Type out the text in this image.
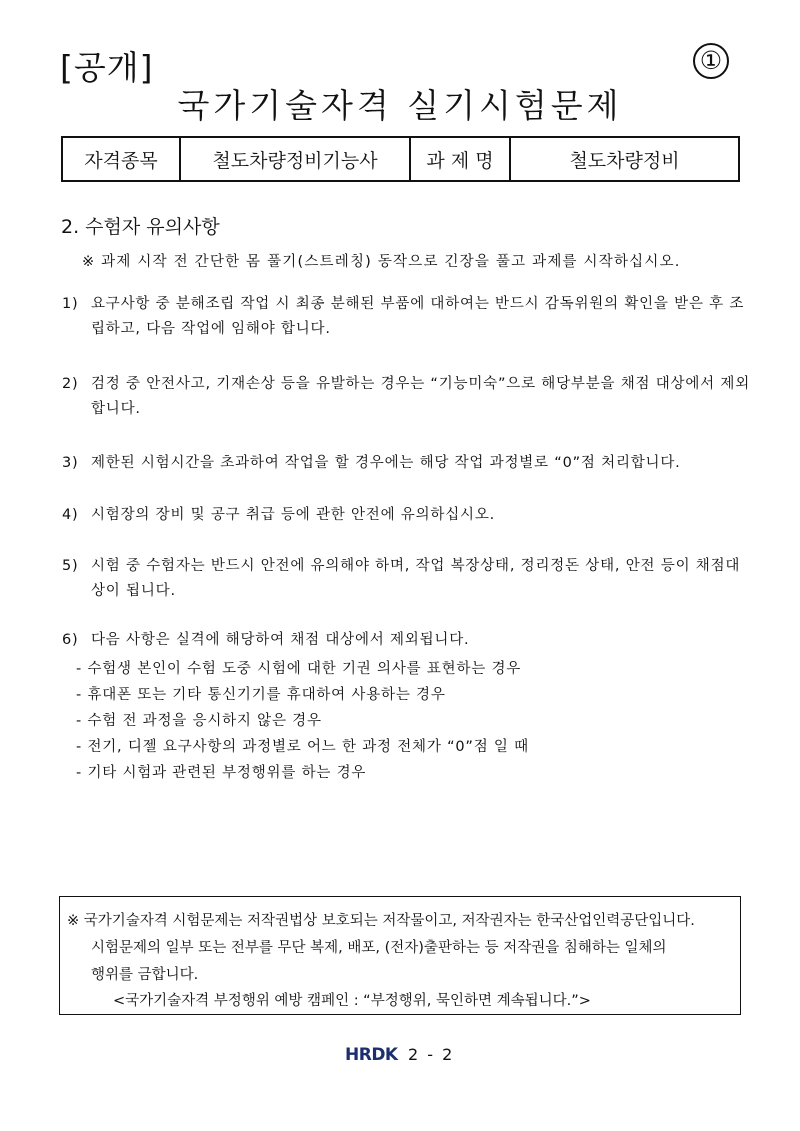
[공개]	①
국가기술자격 실기시험문제
자격종목	철도차량정비기능사	과 제 명	철도차량정비
2. 수험자 유의사항
※ 과제 시작 전 간단한 몸 풀기(스트레칭) 동작으로 긴장을 풀고 과제를 시작하십시오.
1) 요구사항 중 분해조립 작업 시 최종 분해된 부품에 대하여는 반드시 감독위원의 확인을 받은 후 조립하고, 다음 작업에 임해야 합니다.
2) 검정 중 안전사고, 기재손상 등을 유발하는 경우는 “기능미숙”으로 해당부분을 채점 대상에서 제외합니다.
3) 제한된 시험시간을 초과하여 작업을 할 경우에는 해당 작업 과정별로 “0”점 처리합니다.
4) 시험장의 장비 및 공구 취급 등에 관한 안전에 유의하십시오.
5) 시험 중 수험자는 반드시 안전에 유의해야 하며, 작업 복장상태, 정리정돈 상태, 안전 등이 채점대상이 됩니다.
6) 다음 사항은 실격에 해당하여 채점 대상에서 제외됩니다.
- 수험생 본인이 수험 도중 시험에 대한 기권 의사를 표현하는 경우
- 휴대폰 또는 기타 통신기기를 휴대하여 사용하는 경우
- 수험 전 과정을 응시하지 않은 경우
- 전기, 디젤 요구사항의 과정별로 어느 한 과정 전체가 “0”점 일 때
- 기타 시험과 관련된 부정행위를 하는 경우
※ 국가기술자격 시험문제는 저작권법상 보호되는 저작물이고, 저작권자는 한국산업인력공단입니다.
시험문제의 일부 또는 전부를 무단 복제, 배포, (전자)출판하는 등 저작권을 침해하는 일체의
행위를 금합니다.
<국가기술자격 부정행위 예방 캠페인 : “부정행위, 묵인하면 계속됩니다.”>
HRDK 2 - 2
